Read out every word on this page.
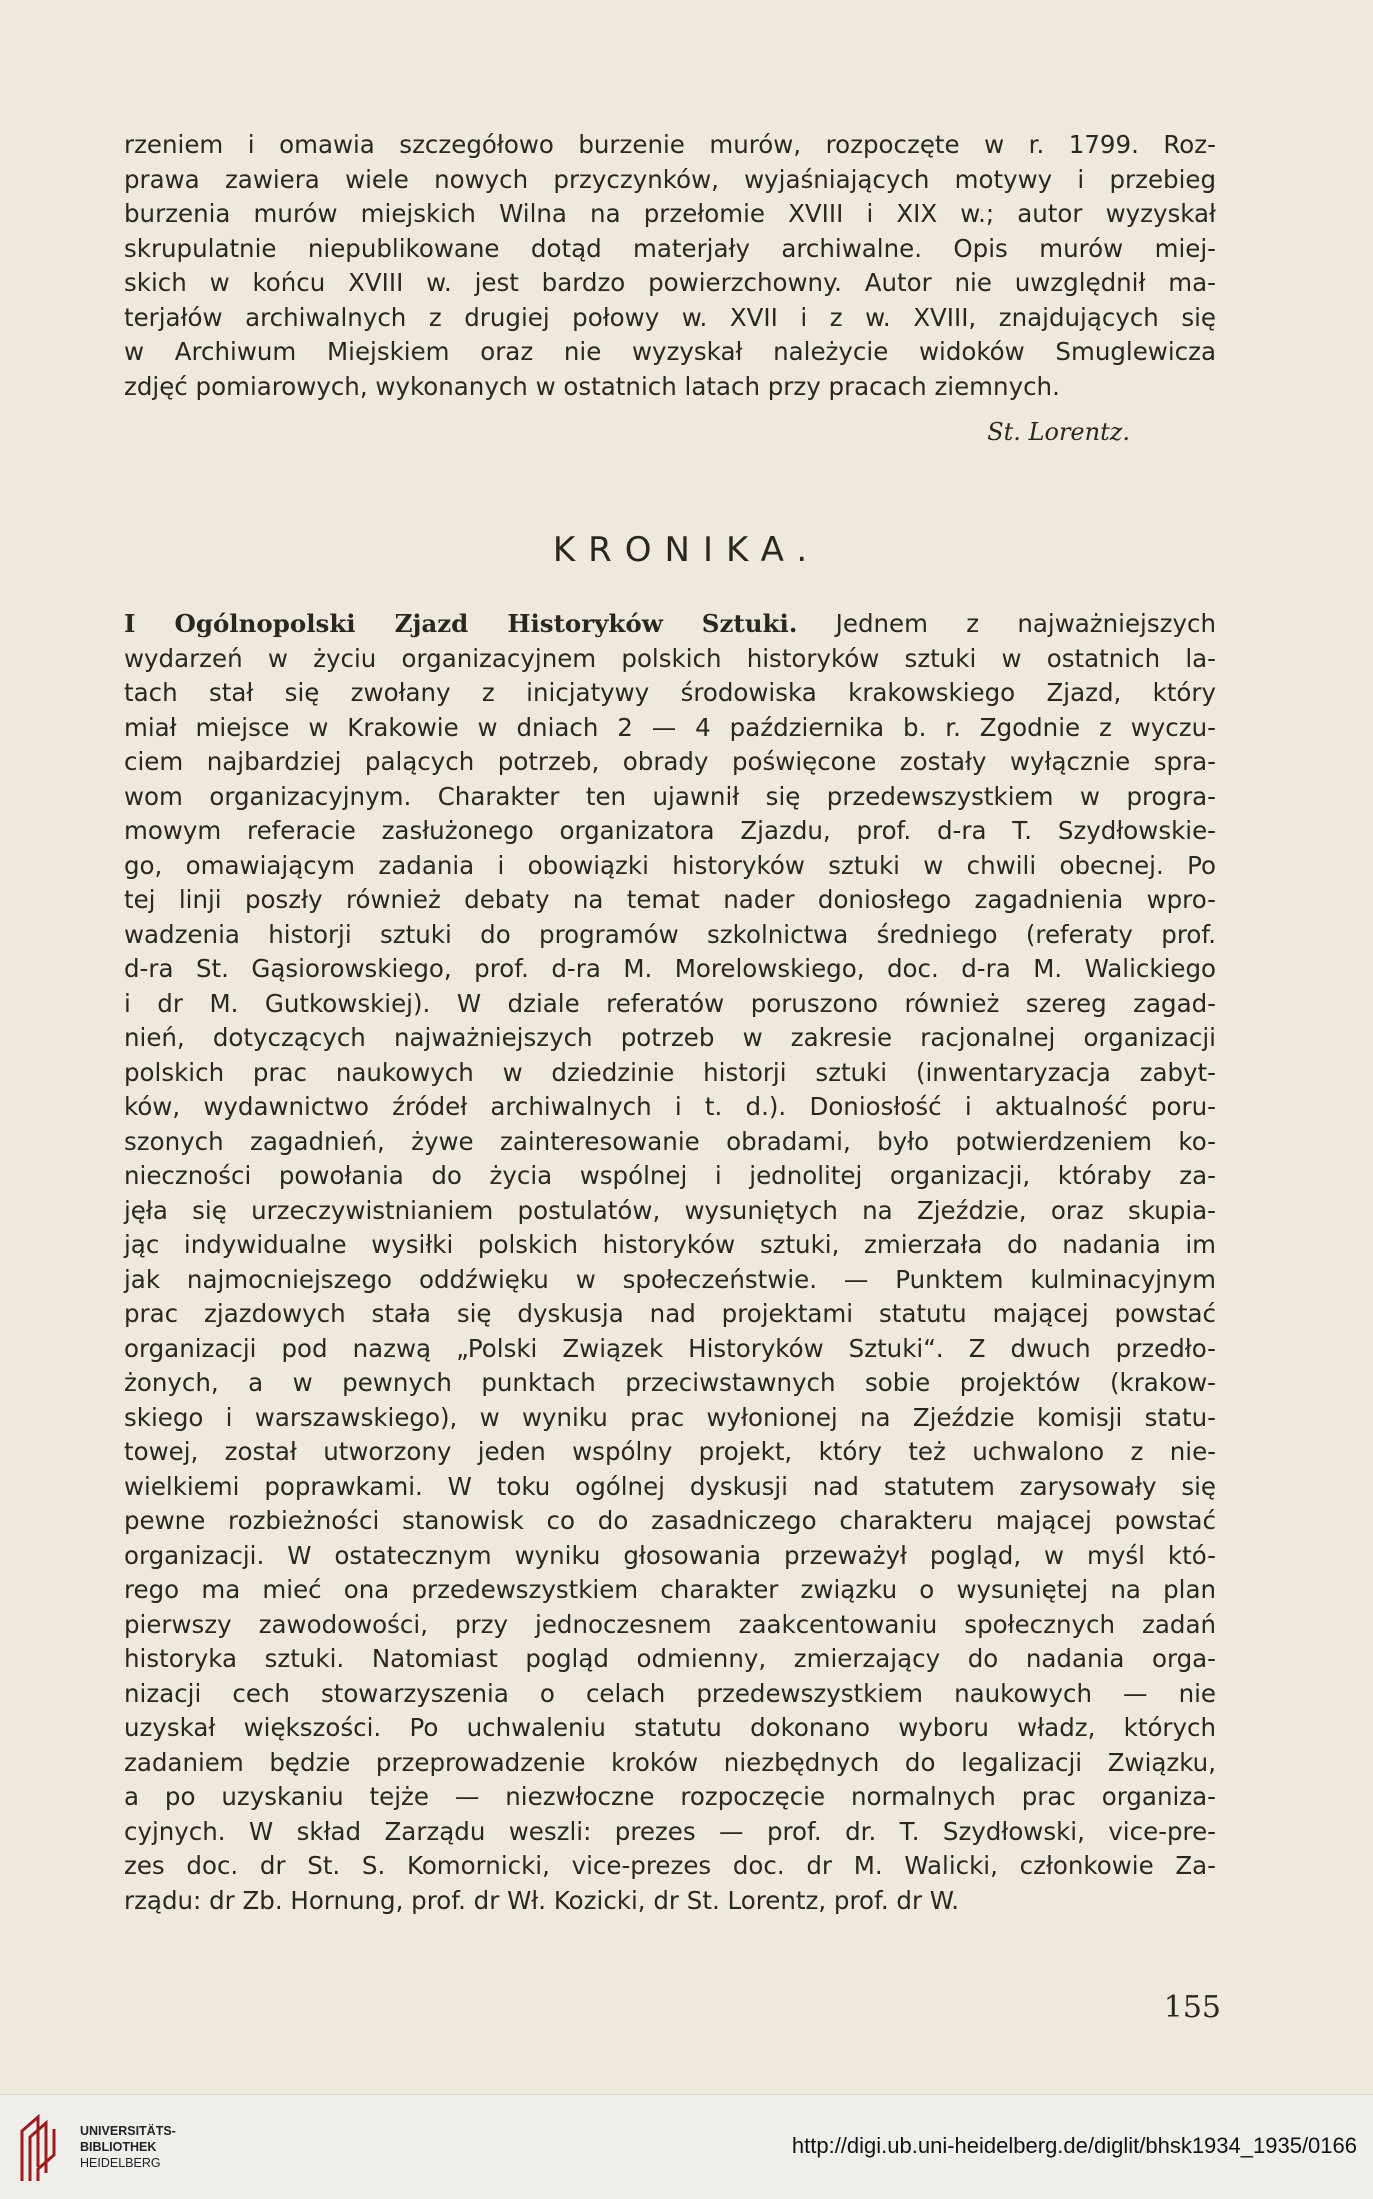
rzeniem i omawia szczegółowo burzenie murów, rozpoczęte w r. 1799. Roz-
prawa zawiera wiele nowych przyczynków, wyjaśniających motywy i przebieg
burzenia murów miejskich Wilna na przełomie XVIII i XIX w.; autor wyzyskał
skrupulatnie niepublikowane dotąd materjały archiwalne. Opis murów miej-
skich w końcu XVIII w. jest bardzo powierzchowny. Autor nie uwzględnił ma-
terjałów archiwalnych z drugiej połowy w. XVII i z w. XVIII, znajdujących się
w Archiwum Miejskiem oraz nie wyzyskał należycie widoków Smuglewicza
zdjęć pomiarowych, wykonanych w ostatnich latach przy pracach ziemnych.
St. Lorentz.
KRONIKA.
I Ogólnopolski Zjazd Historyków Sztuki. Jednem z najważniejszych
wydarzeń w życiu organizacyjnem polskich historyków sztuki w ostatnich la-
tach stał się zwołany z inicjatywy środowiska krakowskiego Zjazd, który
miał miejsce w Krakowie w dniach 2 — 4 października b. r. Zgodnie z wyczu-
ciem najbardziej palących potrzeb, obrady poświęcone zostały wyłącznie spra-
wom organizacyjnym. Charakter ten ujawnił się przedewszystkiem w progra-
mowym referacie zasłużonego organizatora Zjazdu, prof. d-ra T. Szydłowskie-
go, omawiającym zadania i obowiązki historyków sztuki w chwili obecnej. Po
tej linji poszły również debaty na temat nader doniosłego zagadnienia wpro-
wadzenia historji sztuki do programów szkolnictwa średniego (referaty prof.
d-ra St. Gąsiorowskiego, prof. d-ra M. Morelowskiego, doc. d-ra M. Walickiego
i dr M. Gutkowskiej). W dziale referatów poruszono również szereg zagad-
nień, dotyczących najważniejszych potrzeb w zakresie racjonalnej organizacji
polskich prac naukowych w dziedzinie historji sztuki (inwentaryzacja zabyt-
ków, wydawnictwo źródeł archiwalnych i t. d.). Doniosłość i aktualność poru-
szonych zagadnień, żywe zainteresowanie obradami, było potwierdzeniem ko-
nieczności powołania do życia wspólnej i jednolitej organizacji, któraby za-
jęła się urzeczywistnianiem postulatów, wysuniętych na Zjeździe, oraz skupia-
jąc indywidualne wysiłki polskich historyków sztuki, zmierzała do nadania im
jak najmocniejszego oddźwięku w społeczeństwie. — Punktem kulminacyjnym
prac zjazdowych stała się dyskusja nad projektami statutu mającej powstać
organizacji pod nazwą „Polski Związek Historyków Sztuki“. Z dwuch przedło-
żonych, a w pewnych punktach przeciwstawnych sobie projektów (krakow-
skiego i warszawskiego), w wyniku prac wyłonionej na Zjeździe komisji statu-
towej, został utworzony jeden wspólny projekt, który też uchwalono z nie-
wielkiemi poprawkami. W toku ogólnej dyskusji nad statutem zarysowały się
pewne rozbieżności stanowisk co do zasadniczego charakteru mającej powstać
organizacji. W ostatecznym wyniku głosowania przeważył pogląd, w myśl któ-
rego ma mieć ona przedewszystkiem charakter związku o wysuniętej na plan
pierwszy zawodowości, przy jednoczesnem zaakcentowaniu społecznych zadań
historyka sztuki. Natomiast pogląd odmienny, zmierzający do nadania orga-
nizacji cech stowarzyszenia o celach przedewszystkiem naukowych — nie
uzyskał większości. Po uchwaleniu statutu dokonano wyboru władz, których
zadaniem będzie przeprowadzenie kroków niezbędnych do legalizacji Związku,
a po uzyskaniu tejże — niezwłoczne rozpoczęcie normalnych prac organiza-
cyjnych. W skład Zarządu weszli: prezes — prof. dr. T. Szydłowski, vice-pre-
zes doc. dr St. S. Komornicki, vice-prezes doc. dr M. Walicki, członkowie Za-
rządu: dr Zb. Hornung, prof. dr Wł. Kozicki, dr St. Lorentz, prof. dr W.
155
UNIVERSITÄTS-
BIBLIOTHEK
HEIDELBERG
http://digi.ub.uni-heidelberg.de/diglit/bhsk1934_1935/0166
